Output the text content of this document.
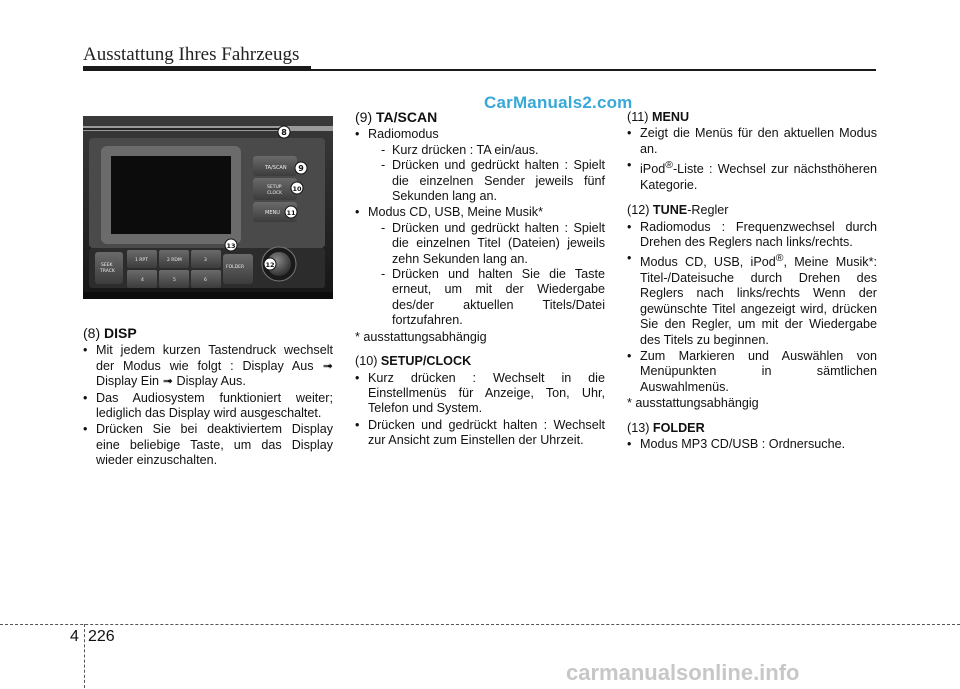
Ausstattung Ihres Fahrzeugs
CarManuals2.com
TA/SCAN
SETUP
CLOCK
MENU
SEEK
TRACK
1 RPT	2 RDM	3
4	5	6
FOLDER
8
9
10
11
12
13
(8) DISP
• Mit jedem kurzen Tastendruck wechselt der Modus wie folgt : Display Aus ➟ Display Ein ➟ Display Aus.
• Das Audiosystem funktioniert weiter; lediglich das Display wird ausgeschaltet.
• Drücken Sie bei deaktiviertem Display eine beliebige Taste, um das Display wieder einzuschalten.
(9) TA/SCAN
• Radiomodus
- Kurz drücken : TA ein/aus.
- Drücken und gedrückt halten : Spielt die einzelnen Sender jeweils fünf Sekunden lang an.
• Modus CD, USB, Meine Musik*
- Drücken und gedrückt halten : Spielt die einzelnen Titel (Dateien) jeweils zehn Sekunden lang an.
- Drücken und halten Sie die Taste erneut, um mit der Wiedergabe des/der aktuellen Titels/Datei fortzufahren.

* ausstattungsabhängig

(10) SETUP/CLOCK
• Kurz drücken : Wechselt in die Einstellmenüs für Anzeige, Ton, Uhr, Telefon und System.
• Drücken und gedrückt halten : Wechselt zur Ansicht zum Einstellen der Uhrzeit.
(11) MENU
• Zeigt die Menüs für den aktuellen Modus an.
• iPod®-Liste : Wechsel zur nächsthöheren Kategorie.
(12) TUNE-Regler
• Radiomodus : Frequenzwechsel durch Drehen des Reglers nach links/rechts.
• Modus CD, USB, iPod®, Meine Musik*: Titel-/Dateisuche durch Drehen des Reglers nach links/rechts Wenn der gewünschte Titel angezeigt wird, drücken Sie den Regler, um mit der Wiedergabe des Titels zu beginnen.
• Zum Markieren und Auswählen von Menüpunkten in sämtlichen Auswahlmenüs.

* ausstattungsabhängig

(13) FOLDER
• Modus MP3 CD/USB : Ordnersuche.
4 226
carmanualsonline.info
